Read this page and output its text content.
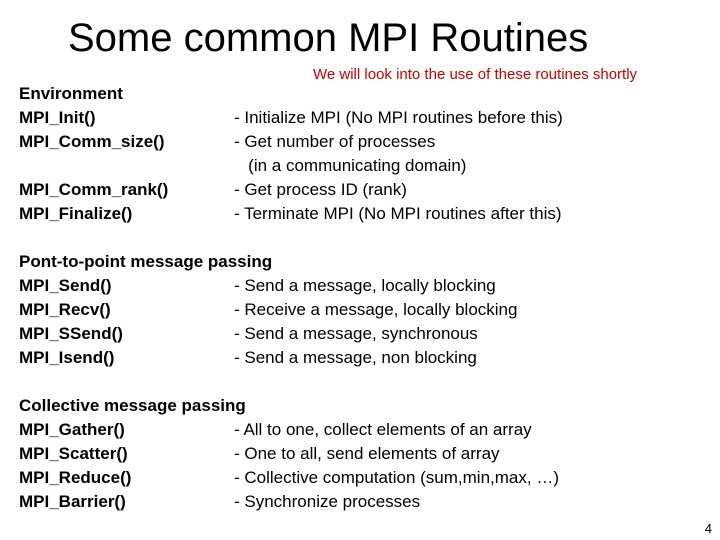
Some common MPI Routines
We will look into the use of these routines shortly
Environment
MPI_Init()	- Initialize MPI (No MPI routines before this)
MPI_Comm_size()	- Get number of processes
(in a communicating domain)
MPI_Comm_rank()	- Get process ID (rank)
MPI_Finalize()	- Terminate MPI (No MPI routines after this)
Pont-to-point message passing
MPI_Send()	- Send a message, locally blocking
MPI_Recv()	- Receive a message, locally blocking
MPI_SSend()	- Send a message, synchronous
MPI_Isend()	- Send a message, non blocking
Collective message passing
MPI_Gather()	- All to one, collect elements of an array
MPI_Scatter()	- One to all, send elements of array
MPI_Reduce()	- Collective computation (sum,min,max, …)
MPI_Barrier()	- Synchronize processes
4
